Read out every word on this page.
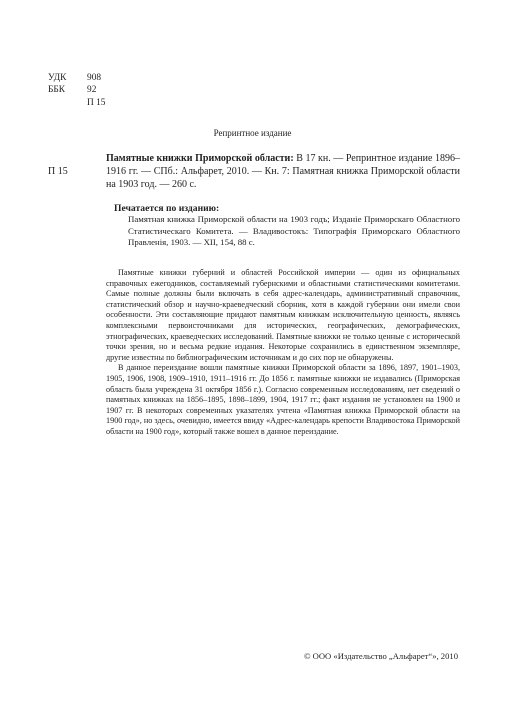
УДК	908
ББК	92
П 15
Репринтное издание
П 15
Памятные книжки Приморской области: В 17 кн. — Репринтное издание 1896–1916 гг. — СПб.: Альфарет, 2010. — Кн. 7: Памятная книжка Приморской области на 1903 год. — 260 с.
Печатается по изданию:
Памятная книжка Приморской области на 1903 годъ; Изданiе Приморскаго Областного Статистическаго Комитета. — Владивостокъ: Типографiя Приморскаго Областного Правленiя, 1903. — XII, 154, 88 с.

Памятные книжки губерний и областей Российской империи — один из официальных справочных ежегодников, составляемый губернскими и областными статистическими комитетами. Самые полные должны были включать в себя адрес-календарь, административный справочник, статистический обзор и научно-краеведческий сборник, хотя в каждой губернии они имели свои особенности. Эти составляющие придают памятным книжкам исключительную ценность, являясь комплексными первоисточниками для исторических, географических, демографических, этнографических, краеведческих исследований. Памятные книжки не только ценные с исторической точки зрения, но и весьма редкие издания. Некоторые сохранились в единственном экземпляре, другие известны по библиографическим источникам и до сих пор не обнаружены.

В данное переиздание вошли памятные книжки Приморской области за 1896, 1897, 1901–1903, 1905, 1906, 1908, 1909–1910, 1911–1916 гг. До 1856 г. памятные книжки не издавались (Приморская область была учреждена 31 октября 1856 г.). Согласно современным исследованиям, нет сведений о памятных книжках на 1856–1895, 1898–1899, 1904, 1917 гг.; факт издания не установлен на 1900 и 1907 гг. В некоторых современных указателях учтена «Памятная книжка Приморской области на 1900 год», но здесь, очевидно, имеется ввиду «Адрес-календарь крепости Владивостока Приморской области на 1900 год», который также вошел в данное переиздание.

© ООО «Издательство „Альфарет“», 2010
